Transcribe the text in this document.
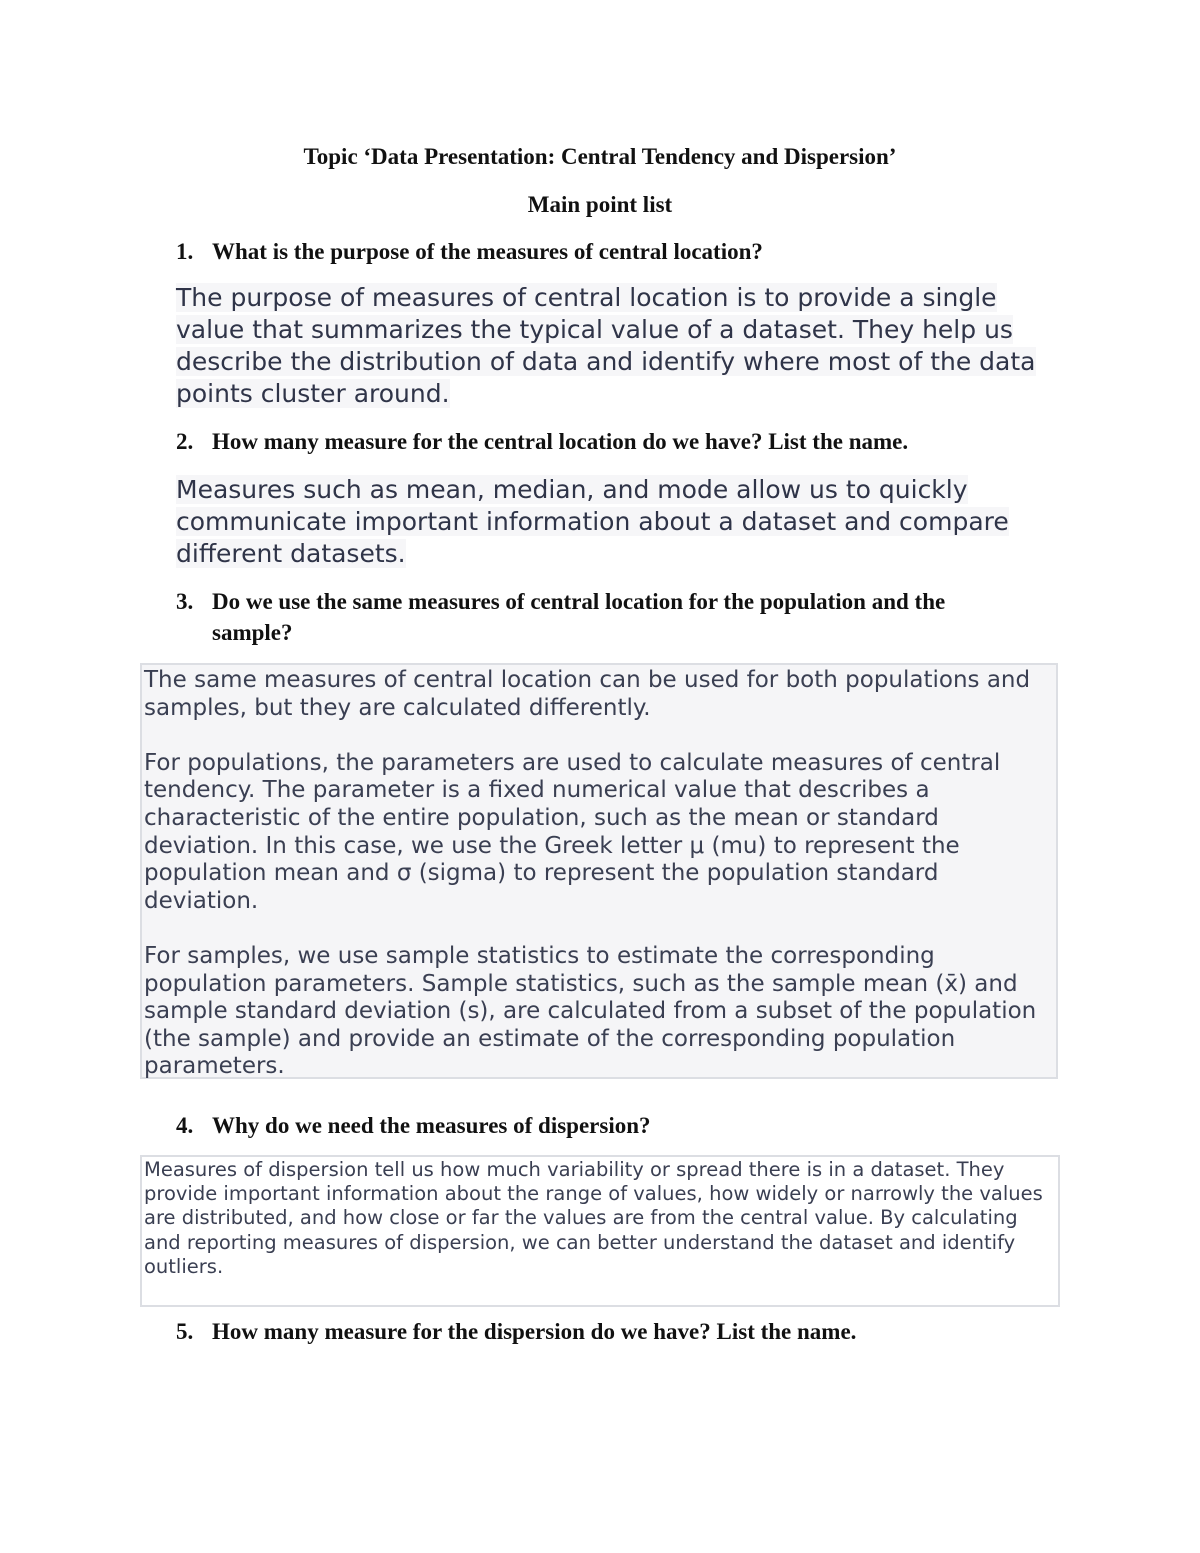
Topic ‘Data Presentation: Central Tendency and Dispersion’
Main point list
1. What is the purpose of the measures of central location?
The purpose of measures of central location is to provide a single
value that summarizes the typical value of a dataset. They help us
describe the distribution of data and identify where most of the data
points cluster around.
2. How many measure for the central location do we have? List the name.
Measures such as mean, median, and mode allow us to quickly
communicate important information about a dataset and compare
different datasets.
3. Do we use the same measures of central location for the population and the sample?

The same measures of central location can be used for both populations and samples, but they are calculated differently.

For populations, the parameters are used to calculate measures of central tendency. The parameter is a fixed numerical value that describes a characteristic of the entire population, such as the mean or standard deviation. In this case, we use the Greek letter μ (mu) to represent the population mean and σ (sigma) to represent the population standard deviation.

For samples, we use sample statistics to estimate the corresponding population parameters. Sample statistics, such as the sample mean (x̄) and sample standard deviation (s), are calculated from a subset of the population (the sample) and provide an estimate of the corresponding population parameters.

4. Why do we need the measures of dispersion?
Measures of dispersion tell us how much variability or spread there is in a dataset. They provide important information about the range of values, how widely or narrowly the values are distributed, and how close or far the values are from the central value. By calculating and reporting measures of dispersion, we can better understand the dataset and identify outliers.
5. How many measure for the dispersion do we have? List the name.
